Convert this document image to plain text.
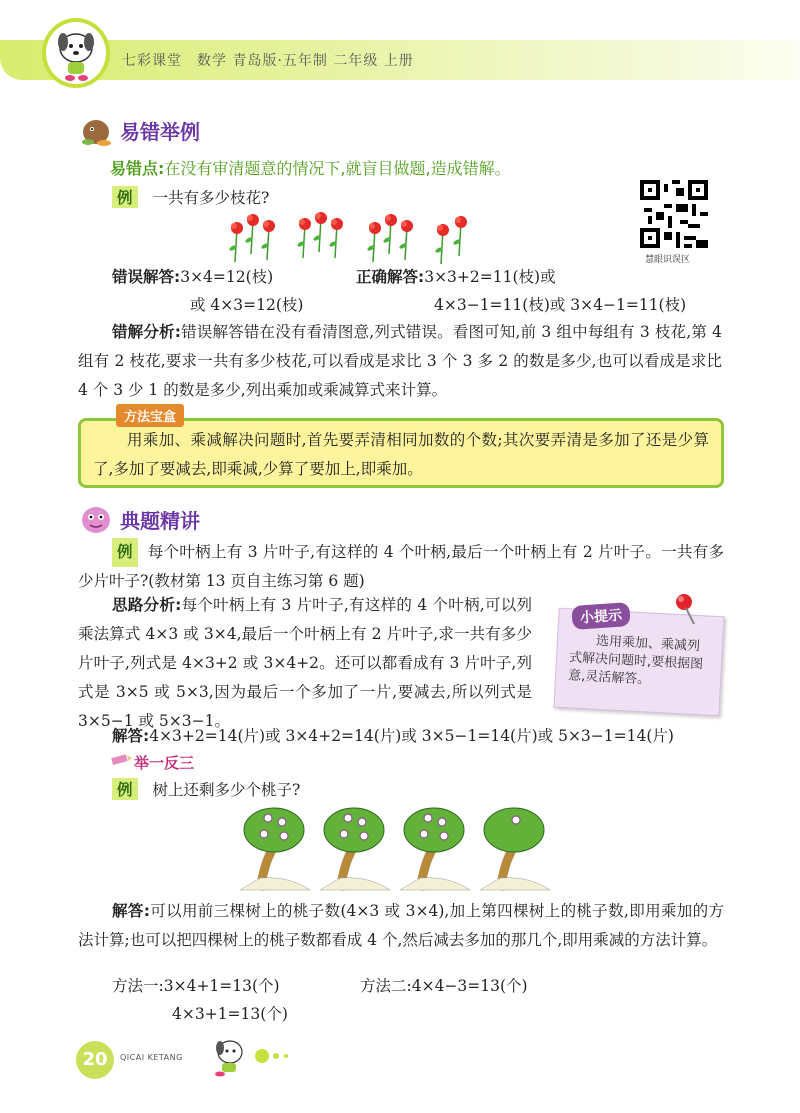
七彩课堂　数学 青岛版·五年制 二年级 上册
易错举例
易错点:在没有审清题意的情况下,就盲目做题,造成错解。
例 一共有多少枝花?
慧眼识误区
错误解答:3×4=12(枝)
或 4×3=12(枝)
正确解答:3×3+2=11(枝)或
4×3−1=11(枝)或 3×4−1=11(枝)
错解分析:错误解答错在没有看清图意,列式错误。看图可知,前 3 组中每组有 3 枝花,第 4 组有 2 枝花,要求一共有多少枝花,可以看成是求比 3 个 3 多 2 的数是多少,也可以看成是求比 4 个 3 少 1 的数是多少,列出乘加或乘减算式来计算。
用乘加、乘减解决问题时,首先要弄清相同加数的个数;其次要弄清是多加了还是少算了,多加了要减去,即乘减,少算了要加上,即乘加。
方法宝盒
典题精讲
例 每个叶柄上有 3 片叶子,有这样的 4 个叶柄,最后一个叶柄上有 2 片叶子。一共有多少片叶子?(教材第 13 页自主练习第 6 题)
思路分析:每个叶柄上有 3 片叶子,有这样的 4 个叶柄,可以列乘法算式 4×3 或 3×4,最后一个叶柄上有 2 片叶子,求一共有多少片叶子,列式是 4×3+2 或 3×4+2。还可以都看成有 3 片叶子,列式是 3×5 或 5×3,因为最后一个多加了一片,要减去,所以列式是 3×5−1 或 5×3−1。
选用乘加、乘减列式解决问题时,要根据图意,灵活解答。
小提示
解答:4×3+2=14(片)或 3×4+2=14(片)或 3×5−1=14(片)或 5×3−1=14(片)
举一反三
例 树上还剩多少个桃子?
解答:可以用前三棵树上的桃子数(4×3 或 3×4),加上第四棵树上的桃子数,即用乘加的方法计算;也可以把四棵树上的桃子数都看成 4 个,然后减去多加的那几个,即用乘减的方法计算。
方法一:3×4+1=13(个)
4×3+1=13(个)
方法二:4×4−3=13(个)
20	QICAI KETANG
